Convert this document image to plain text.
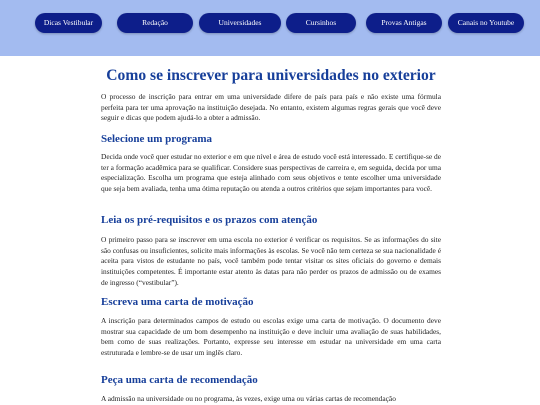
Dicas Vestibular	Redação	Universidades	Cursinhos	Provas Antigas	Canais no Youtube
Como se inscrever para universidades no exterior

O processo de inscrição para entrar em uma universidade difere de país para país e não existe uma fórmula perfeita para ter uma aprovação na instituição desejada. No entanto, existem algumas regras gerais que você deve seguir e dicas que podem ajudá-lo a obter a admissão.

Selecione um programa

Decida onde você quer estudar no exterior e em que nível e área de estudo você está interessado. E certifique-se de ter a formação acadêmica para se qualificar. Considere suas perspectivas de carreira e, em seguida, decida por uma especialização. Escolha um programa que esteja alinhado com seus objetivos e tente escolher uma universidade que seja bem avaliada, tenha uma ótima reputação ou atenda a outros critérios que sejam importantes para você.

Leia os pré-requisitos e os prazos com atenção

O primeiro passo para se inscrever em uma escola no exterior é verificar os requisitos. Se as informações do site são confusas ou insuficientes, solicite mais informações às escolas. Se você não tem certeza se sua nacionalidade é aceita para vistos de estudante no país, você também pode tentar visitar os sites oficiais do governo e demais instituições competentes. É importante estar atento às datas para não perder os prazos de admissão ou de exames de ingresso (“vestibular”).

Escreva uma carta de motivação

A inscrição para determinados campos de estudo ou escolas exige uma carta de motivação. O documento deve mostrar sua capacidade de um bom desempenho na instituição e deve incluir uma avaliação de suas habilidades, bem como de suas realizações. Portanto, expresse seu interesse em estudar na universidade em uma carta estruturada e lembre-se de usar um inglês claro.

Peça uma carta de recomendação

A admissão na universidade ou no programa, às vezes, exige uma ou várias cartas de recomendação
